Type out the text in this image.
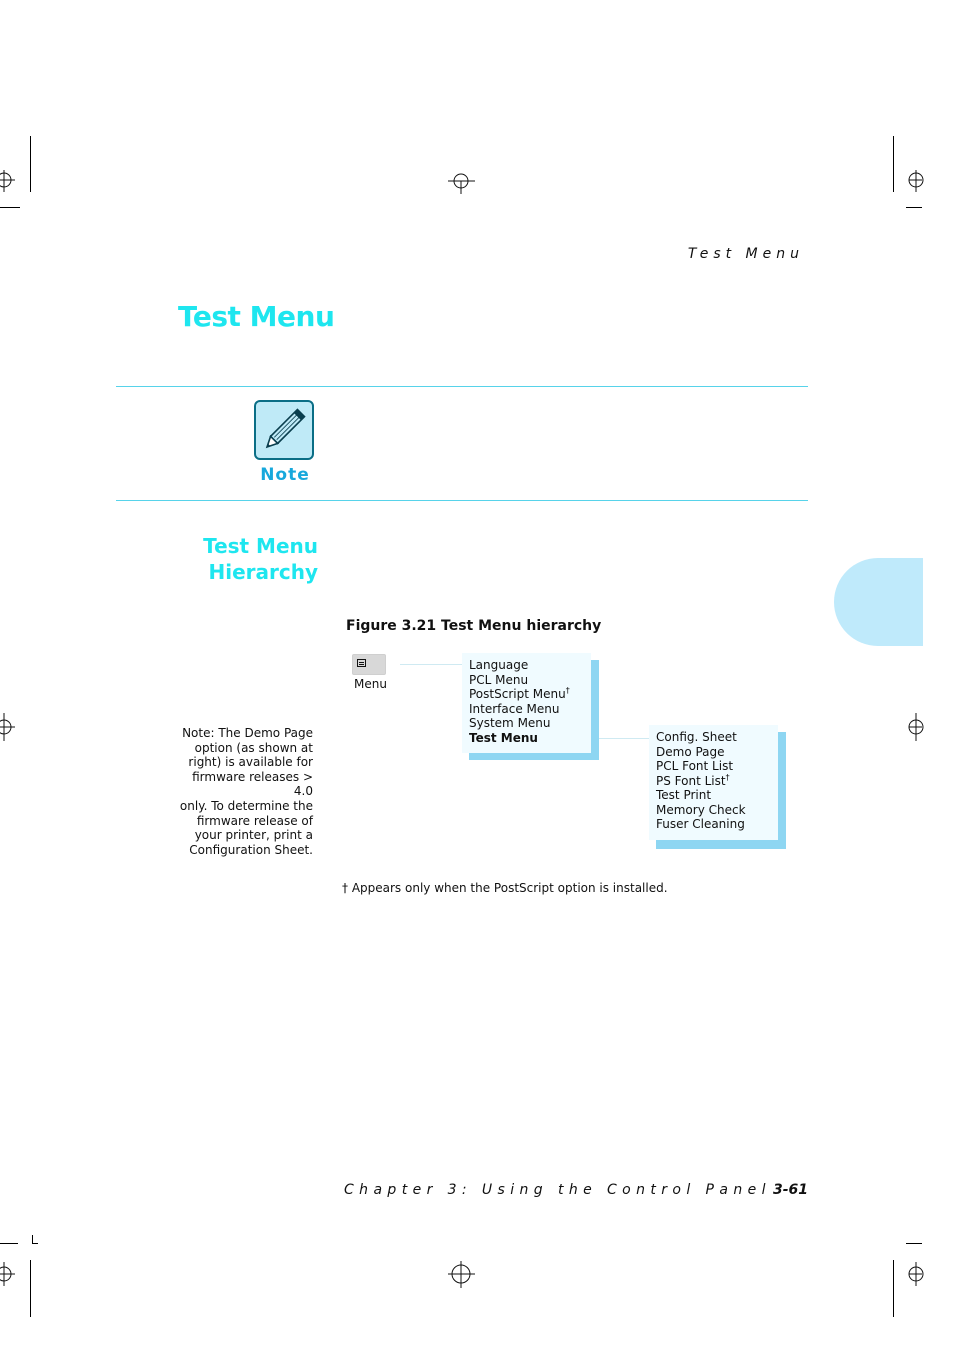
Test Menu
Test Menu
Note
Test Menu
Hierarchy
Figure 3.21 Test Menu hierarchy
Menu
Language
PCL Menu
PostScript Menu†
Interface Menu
System Menu
Test Menu	Config. Sheet
Demo Page
PCL Font List
PS Font List†
Test Print
Memory Check
Fuser Cleaning
Note: The Demo Page
option (as shown at
right) is available for
firmware releases > 4.0
only. To determine the
firmware release of
your printer, print a
Configuration Sheet.
† Appears only when the PostScript option is installed.
Chapter 3: Using the Control Panel 3-61
